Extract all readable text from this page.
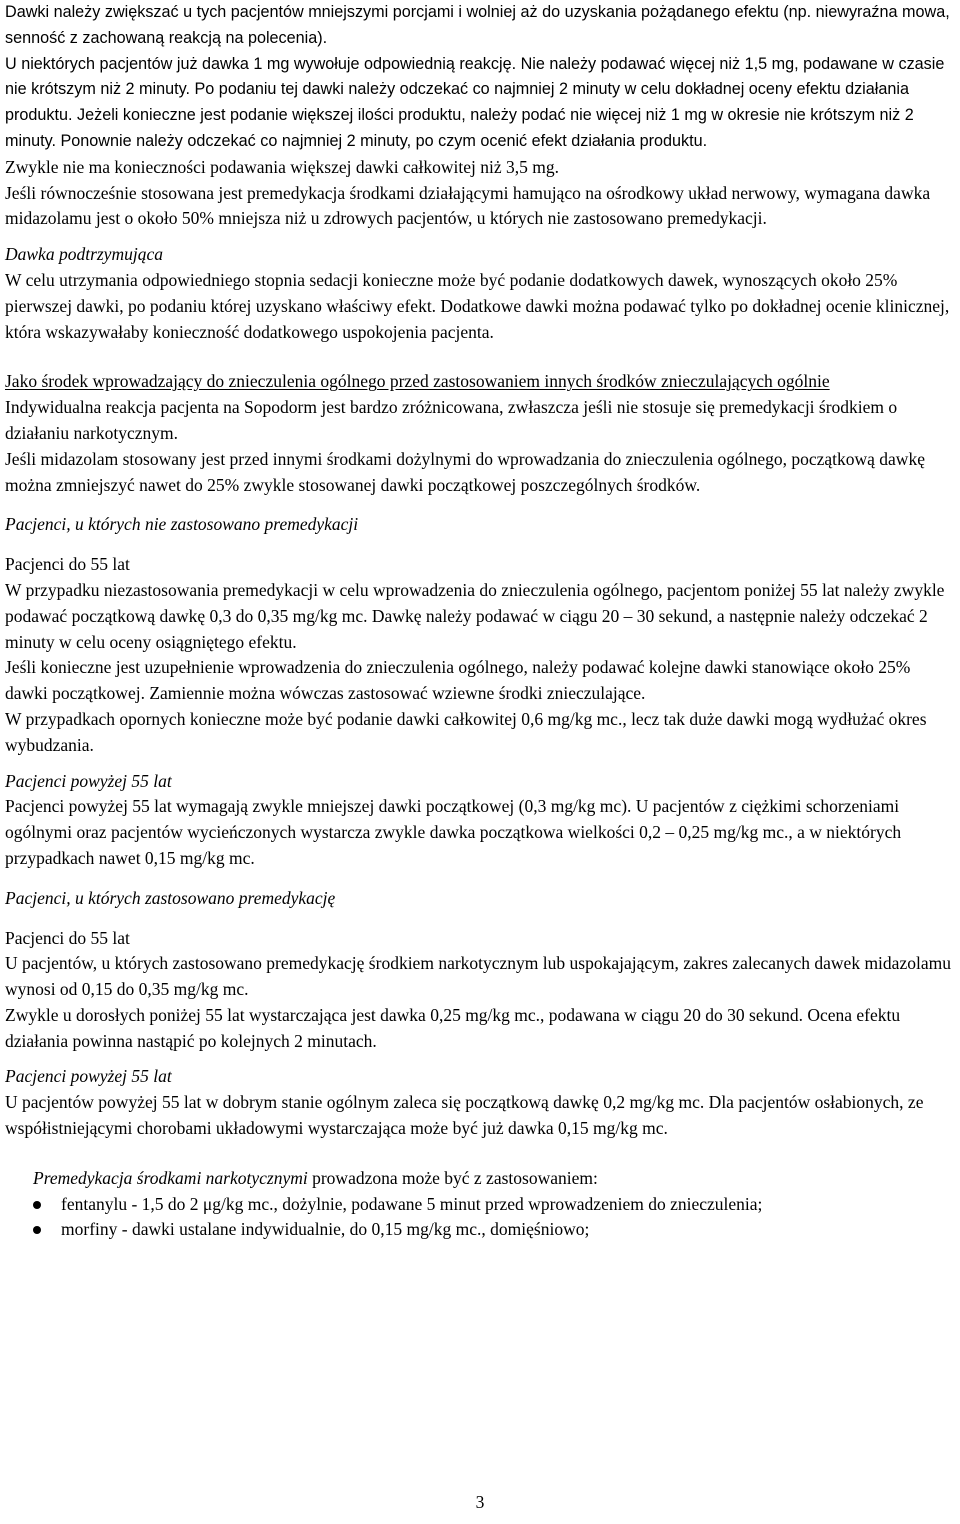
Dawki należy zwiększać u tych pacjentów mniejszymi porcjami i wolniej aż do uzyskania pożądanego efektu (np. niewyraźna mowa, senność z zachowaną reakcją na polecenia).
U niektórych pacjentów już dawka 1 mg wywołuje odpowiednią reakcję. Nie należy podawać więcej niż 1,5 mg, podawane w czasie nie krótszym niż 2 minuty. Po podaniu tej dawki należy odczekać co najmniej 2 minuty w celu dokładnej oceny efektu działania produktu. Jeżeli konieczne jest podanie większej ilości produktu, należy podać nie więcej niż 1 mg w okresie nie krótszym niż 2 minuty. Ponownie należy odczekać co najmniej 2 minuty, po czym ocenić efekt działania produktu.

Zwykle nie ma konieczności podawania większej dawki całkowitej niż 3,5 mg.

Jeśli równocześnie stosowana jest premedykacja środkami działającymi hamująco na ośrodkowy układ nerwowy, wymagana dawka midazolamu jest o około 50% mniejsza niż u zdrowych pacjentów, u których nie zastosowano premedykacji.

Dawka podtrzymująca

W celu utrzymania odpowiedniego stopnia sedacji konieczne może być podanie dodatkowych dawek, wynoszących około 25% pierwszej dawki, po podaniu której uzyskano właściwy efekt. Dodatkowe dawki można podawać tylko po dokładnej ocenie klinicznej, która wskazywałaby konieczność dodatkowego uspokojenia pacjenta.

Jako środek wprowadzający do znieczulenia ogólnego przed zastosowaniem innych środków znieczulających ogólnie

Indywidualna reakcja pacjenta na Sopodorm jest bardzo zróżnicowana, zwłaszcza jeśli nie stosuje się premedykacji środkiem o działaniu narkotycznym.

Jeśli midazolam stosowany jest przed innymi środkami dożylnymi do wprowadzania do znieczulenia ogólnego, początkową dawkę można zmniejszyć nawet do 25% zwykle stosowanej dawki początkowej poszczególnych środków.

Pacjenci, u których nie zastosowano premedykacji

Pacjenci do 55 lat

W przypadku niezastosowania premedykacji w celu wprowadzenia do znieczulenia ogólnego, pacjentom poniżej 55 lat należy zwykle podawać początkową dawkę 0,3 do 0,35 mg/kg mc. Dawkę należy podawać w ciągu 20 – 30 sekund, a następnie należy odczekać 2 minuty w celu oceny osiągniętego efektu.

Jeśli konieczne jest uzupełnienie wprowadzenia do znieczulenia ogólnego, należy podawać kolejne dawki stanowiące około 25% dawki początkowej. Zamiennie można wówczas zastosować wziewne środki znieczulające.

W przypadkach opornych konieczne może być podanie dawki całkowitej 0,6 mg/kg mc., lecz tak duże dawki mogą wydłużać okres wybudzania.

Pacjenci powyżej 55 lat

Pacjenci powyżej 55 lat wymagają zwykle mniejszej dawki początkowej (0,3 mg/kg mc). U pacjentów z ciężkimi schorzeniami ogólnymi oraz pacjentów wycieńczonych wystarcza zwykle dawka początkowa wielkości 0,2 – 0,25 mg/kg mc., a w niektórych przypadkach nawet 0,15 mg/kg mc.

Pacjenci, u których zastosowano premedykację

Pacjenci do 55 lat

U pacjentów, u których zastosowano premedykację środkiem narkotycznym lub uspokajającym, zakres zalecanych dawek midazolamu wynosi od 0,15 do 0,35 mg/kg mc.

Zwykle u dorosłych poniżej 55 lat wystarczająca jest dawka 0,25 mg/kg mc., podawana w ciągu 20 do 30 sekund. Ocena efektu działania powinna nastąpić po kolejnych 2 minutach.

Pacjenci powyżej 55 lat

U pacjentów powyżej 55 lat w dobrym stanie ogólnym zaleca się początkową dawkę 0,2 mg/kg mc. Dla pacjentów osłabionych, ze współistniejącymi chorobami układowymi wystarczająca może być już dawka 0,15 mg/kg mc.

Premedykacja środkami narkotycznymi prowadzona może być z zastosowaniem:

fentanylu - 1,5 do 2 μg/kg mc., dożylnie, podawane 5 minut przed wprowadzeniem do znieczulenia;
morfiny - dawki ustalane indywidualnie, do 0,15 mg/kg mc., domięśniowo;
3
